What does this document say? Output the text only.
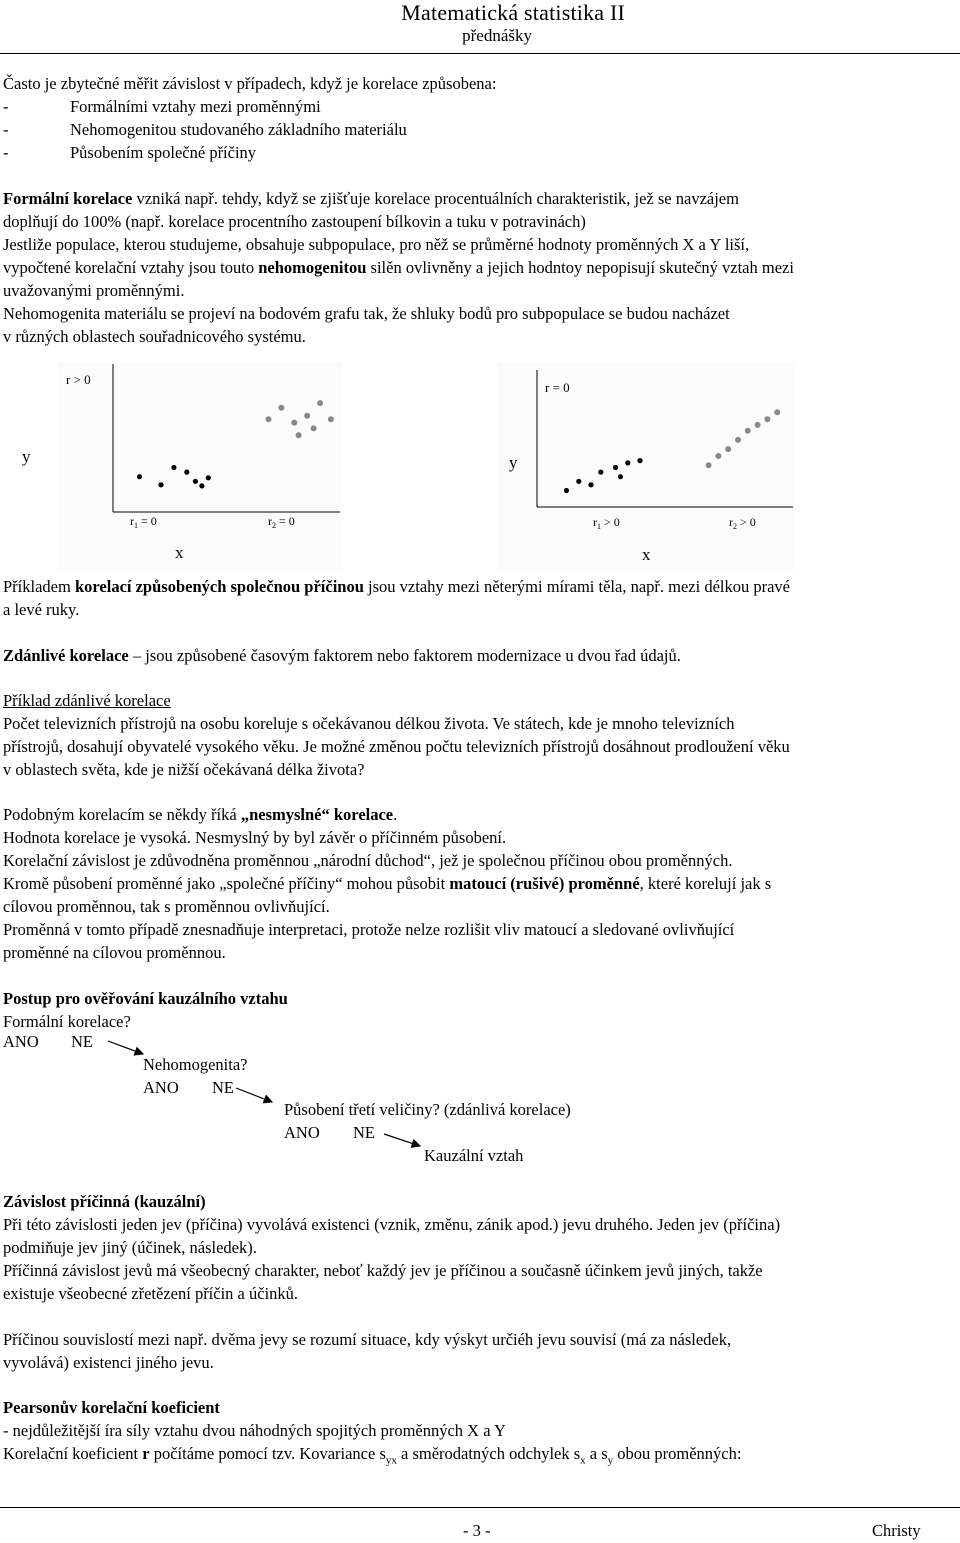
Matematická statistika II
přednášky
Často je zbytečné měřit závislost v případech, když je korelace způsobena:
-	Formálními vztahy mezi proměnnými
-	Nehomogenitou studovaného základního materiálu
-	Působením společné příčiny
Formální korelace vzniká např. tehdy, když se zjišťuje korelace procentuálních charakteristik, jež se navzájem
doplňují do 100% (např. korelace procentního zastoupení bílkovin a tuku v potravinách)
Jestliže populace, kterou studujeme, obsahuje subpopulace, pro něž se průměrné hodnoty proměnných X a Y liší,
vypočtené korelační vztahy jsou touto nehomogenitou silěn ovlivněny a jejich hodntoy nepopisují skutečný vztah mezi
uvažovanými proměnnými.
Nehomogenita materiálu se projeví na bodovém grafu tak, že shluky bodů pro subpopulace se budou nacházet
v různých oblastech souřadnicového systému.
r > 0
y
x
$r_1 = 0$	$r_2 = 0$
r = 0
y
x
$r_1 > 0$	$r_2 > 0$
Příkladem korelací způsobených společnou příčinou jsou vztahy mezi něterými mírami těla, např. mezi délkou pravé
a levé ruky.
Zdánlivé korelace – jsou způsobené časovým faktorem nebo faktorem modernizace u dvou řad údajů.
Příklad zdánlivé korelace
Počet televizních přístrojů na osobu koreluje s očekávanou délkou života. Ve státech, kde je mnoho televizních
přístrojů, dosahují obyvatelé vysokého věku. Je možné změnou počtu televizních přístrojů dosáhnout prodloužení věku
v oblastech světa, kde je nižší očekávaná délka života?
Podobným korelacím se někdy říká „nesmyslné“ korelace.
Hodnota korelace je vysoká. Nesmyslný by byl závěr o příčinném působení.
Korelační závislost je zdůvodněna proměnnou „národní důchod“, jež je společnou příčinou obou proměnných.
Kromě působení proměnné jako „společné příčiny“ mohou působit matoucí (rušivé) proměnné, které korelují jak s
cílovou proměnnou, tak s proměnnou ovlivňující.
Proměnná v tomto případě znesnadňuje interpretaci, protože nelze rozlišit vliv matoucí a sledované ovlivňující
proměnné na cílovou proměnnou.
Postup pro ověřování kauzálního vztahu
Formální korelace?
ANO NE
Nehomogenita?
ANO NE
Působení třetí veličiny? (zdánlivá korelace)
ANO NE
Kauzální vztah
Závislost příčinná (kauzální)
Při této závislosti jeden jev (příčina) vyvolává existenci (vznik, změnu, zánik apod.) jevu druhého. Jeden jev (příčina)
podmiňuje jev jiný (účinek, následek).
Příčinná závislost jevů má všeobecný charakter, neboť každý jev je příčinou a současně účinkem jevů jiných, takže
existuje všeobecné zřetězení příčin a účinků.
Příčinou souvislostí mezi např. dvěma jevy se rozumí situace, kdy výskyt určiéh jevu souvisí (má za následek,
vyvolává) existenci jiného jevu.
Pearsonův korelační koeficient
- nejdůležitější íra síly vztahu dvou náhodných spojitých proměnných X a Y
Korelační koeficient r počítáme pomocí tzv. Kovariance $s_{yx}$ a směrodatných odchylek $s_x$ a $s_y$ obou proměnných:
- 3 -	Christy
